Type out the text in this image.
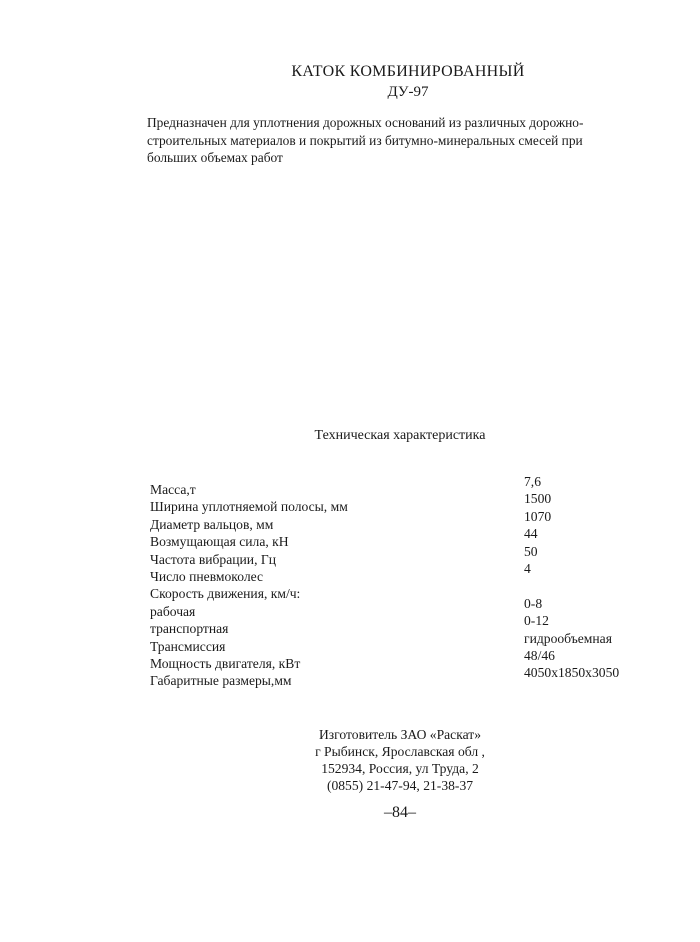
КАТОК КОМБИНИРОВАННЫЙ
ДУ-97
Предназначен для уплотнения дорожных оснований из различных дорожно-
строительных материалов и покрытий из битумно-минеральных смесей при
больших объемах работ
Техническая характеристика
Изготовитель ЗАО «Раскат»
г Рыбинск, Ярославская обл ,
152934, Россия, ул Труда, 2
(0855) 21-47-94, 21-38-37
–84–
Масса,т
7,6
Ширина уплотняемой полосы, мм
1500
Диаметр вальцов, мм
1070
Возмущающая сила, кН
44
Частота вибрации, Гц
50
Число пневмоколес
4
Скорость движения, км/ч:
рабочая
0-8
транспортная
0-12
Трансмиссия
гидрообъемная
Мощность двигателя, кВт
48/46
Габаритные размеры,мм
4050x1850x3050
